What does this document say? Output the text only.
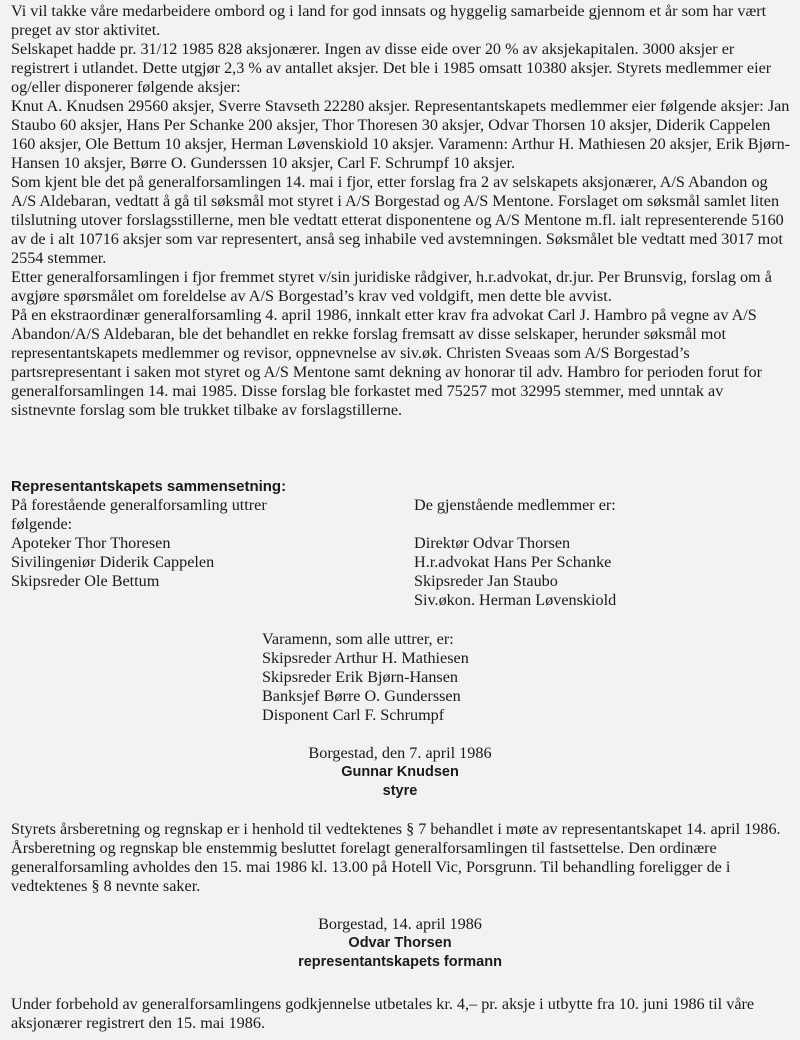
Vi vil takke våre medarbeidere ombord og i land for god innsats og hyggelig samarbeide gjennom et år som har vært preget av stor aktivitet.

Selskapet hadde pr. 31/12 1985 828 aksjonærer. Ingen av disse eide over 20 % av aksjekapitalen. 3000 aksjer er registrert i utlandet. Dette utgjør 2,3 % av antallet aksjer. Det ble i 1985 omsatt 10380 aksjer. Styrets medlemmer eier og/eller disponerer følgende aksjer:

Knut A. Knudsen 29560 aksjer, Sverre Stavseth 22280 aksjer. Representantskapets medlemmer eier følgende aksjer: Jan Staubo 60 aksjer, Hans Per Schanke 200 aksjer, Thor Thoresen 30 aksjer, Odvar Thorsen 10 aksjer, Diderik Cappelen 160 aksjer, Ole Bettum 10 aksjer, Herman Løvenskiold 10 aksjer. Varamenn: Arthur H. Mathiesen 20 aksjer, Erik Bjørn-Hansen 10 aksjer, Børre O. Gunderssen 10 aksjer, Carl F. Schrumpf 10 aksjer.

Som kjent ble det på generalforsamlingen 14. mai i fjor, etter forslag fra 2 av selskapets aksjonærer, A/S Abandon og A/S Aldebaran, vedtatt å gå til søksmål mot styret i A/S Borgestad og A/S Mentone. Forslaget om søksmål samlet liten tilslutning utover forslagsstillerne, men ble vedtatt etterat disponentene og A/S Mentone m.fl. ialt representerende 5160 av de i alt 10716 aksjer som var representert, anså seg inhabile ved avstemningen. Søksmålet ble vedtatt med 3017 mot 2554 stemmer.

Etter generalforsamlingen i fjor fremmet styret v/sin juridiske rådgiver, h.r.advokat, dr.jur. Per Brunsvig, forslag om å avgjøre spørsmålet om foreldelse av A/S Borgestad’s krav ved voldgift, men dette ble avvist.

På en ekstraordinær generalforsamling 4. april 1986, innkalt etter krav fra advokat Carl J. Hambro på vegne av A/S Abandon/A/S Aldebaran, ble det behandlet en rekke forslag fremsatt av disse selskaper, herunder søksmål mot representantskapets medlemmer og revisor, oppnevnelse av siv.øk. Christen Sveaas som A/S Borgestad’s partsrepresentant i saken mot styret og A/S Mentone samt dekning av honorar til adv. Hambro for perioden forut for generalforsamlingen 14. mai 1985. Disse forslag ble forkastet med 75257 mot 32995 stemmer, med unntak av sistnevnte forslag som ble trukket tilbake av forslagstillerne.

Representantskapets sammensetning:

På forestående generalforsamling uttrer
følgende:
Apoteker Thor Thoresen
Sivilingeniør Diderik Cappelen
Skipsreder Ole Bettum
De gjenstående medlemmer er:
Direktør Odvar Thorsen
H.r.advokat Hans Per Schanke
Skipsreder Jan Staubo
Siv.økon. Herman Løvenskiold
Varamenn, som alle uttrer, er:
Skipsreder Arthur H. Mathiesen
Skipsreder Erik Bjørn-Hansen
Banksjef Børre O. Gunderssen
Disponent Carl F. Schrumpf
Borgestad, den 7. april 1986
Gunnar Knudsen
styre

Styrets årsberetning og regnskap er i henhold til vedtektenes § 7 behandlet i møte av representantskapet 14. april 1986. Årsberetning og regnskap ble enstemmig besluttet forelagt generalforsamlingen til fastsettelse. Den ordinære generalforsamling avholdes den 15. mai 1986 kl. 13.00 på Hotell Vic, Porsgrunn. Til behandling foreligger de i vedtektenes § 8 nevnte saker.

Borgestad, 14. april 1986
Odvar Thorsen
representantskapets formann

Under forbehold av generalforsamlingens godkjennelse utbetales kr. 4,– pr. aksje i utbytte fra 10. juni 1986 til våre aksjonærer registrert den 15. mai 1986.
